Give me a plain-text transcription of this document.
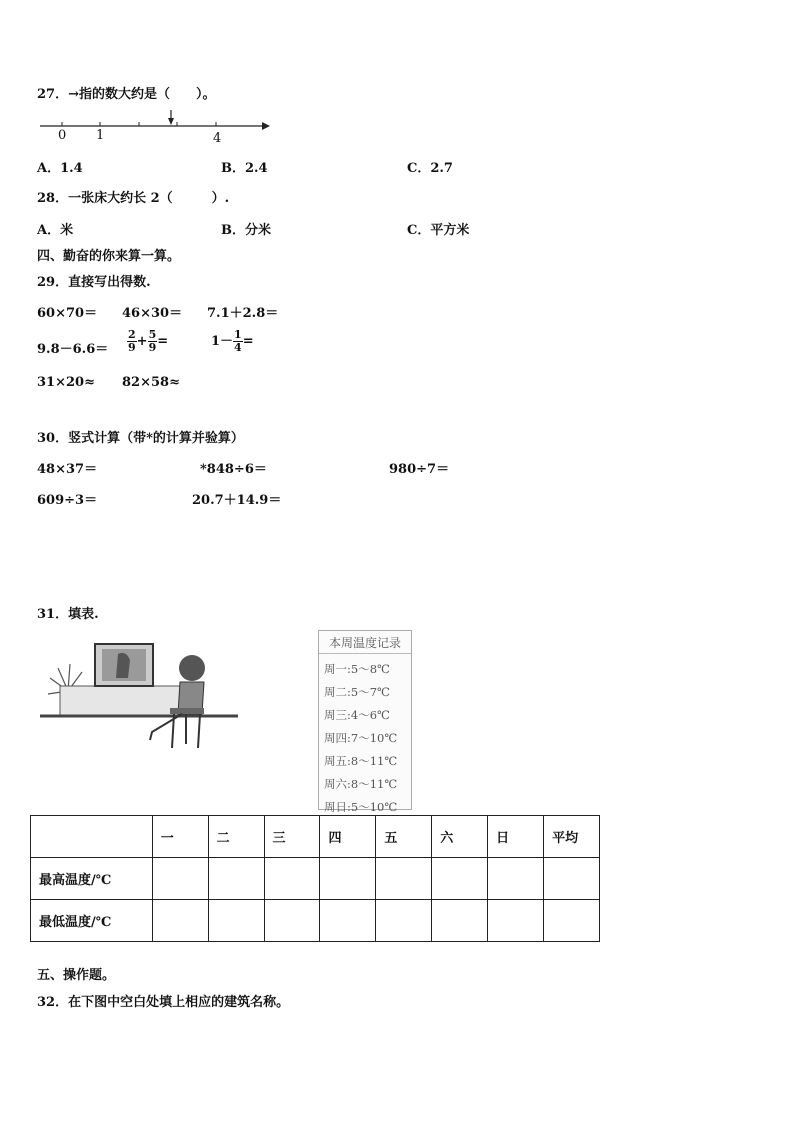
27．→指的数大约是（　　）。
0 1	4
A．1.4	B．2.4	C．2.7
28．一张床大约长 2（　　　）.
A．米	B．分米	C．平方米
四、勤奋的你来算一算。
29．直接写出得数.
60×70＝ 46×30＝ 7.1＋2.8＝
$9.8-6.6= \frac{2}{9} + \frac{5}{9}$ =	$1- \frac{1}{4}$ =
31×20≈ 82×58≈
30．竖式计算（带*的计算并验算）
48×37＝	*848÷6＝	980÷7＝
609÷3＝	20.7＋14.9＝
31．填表.
本周温度记录
周一:5～8℃
周二:5～7℃
周三:4～6℃
周四:7～10℃
周五:8～11℃
周六:8～11℃
周日:5～10℃
	一	二	三	四	五	六	日	平均
最高温度/℃								
最低温度/℃								
五、操作题。
32．在下图中空白处填上相应的建筑名称。
